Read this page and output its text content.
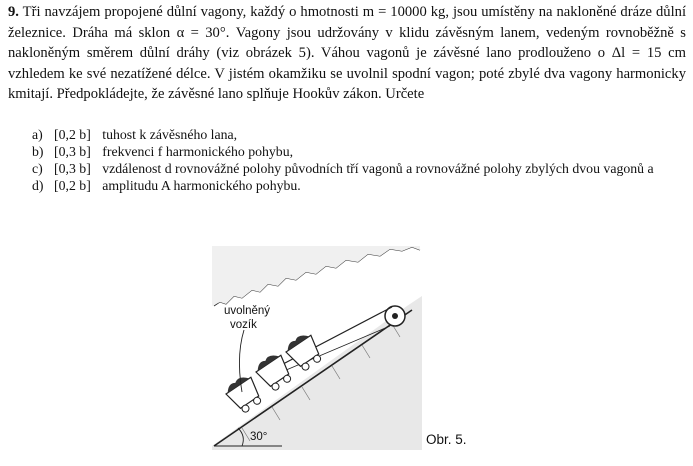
9. Tři navzájem propojené důlní vagony, každý o hmotnosti m = 10000 kg, jsou umístěny na nakloněné dráze důlní železnice. Dráha má sklon α = 30°. Vagony jsou udržovány v klidu závěsným lanem, vedeným rovnoběžně s nakloněným směrem důlní dráhy (viz obrázek 5). Váhou vagonů je závěsné lano prodlouženo o Δl = 15 cm vzhledem ke své nezatížené délce. V jistém okamžiku se uvolnil spodní vagon; poté zbylé dva vagony harmonicky kmitají. Předpokládejte, že závěsné lano splňuje Hookův zákon. Určete
a) [0,2 b] tuhost k závěsného lana,
b) [0,3 b] frekvenci f harmonického pohybu,
c) [0,3 b] vzdálenost d rovnovážné polohy původních tří vagonů a rovnovážné polohy zbylých dvou vagonů a
d) [0,2 b] amplitudu A harmonického pohybu.
uvolněný
vozík
30°	Obr. 5.
